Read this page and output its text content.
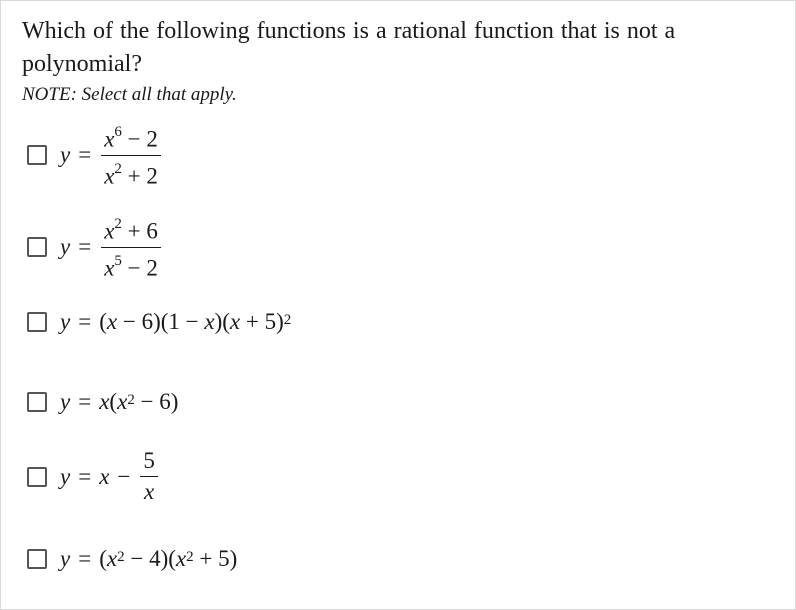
Which of the following functions is a rational function that is not a polynomial?
NOTE: Select all that apply.
$y = \frac{x^6 - 2}{x^2 + 2}$
$y = \frac{x^2 + 6}{x^5 - 2}$
y = ( x − 6)(1 − x )( x + 5)$^2$
y = x ( $x^2 - 6$)
$y = x - \frac{5}{x}$
y = ( $x^2 - 4$)( $x^2 + 5$)
